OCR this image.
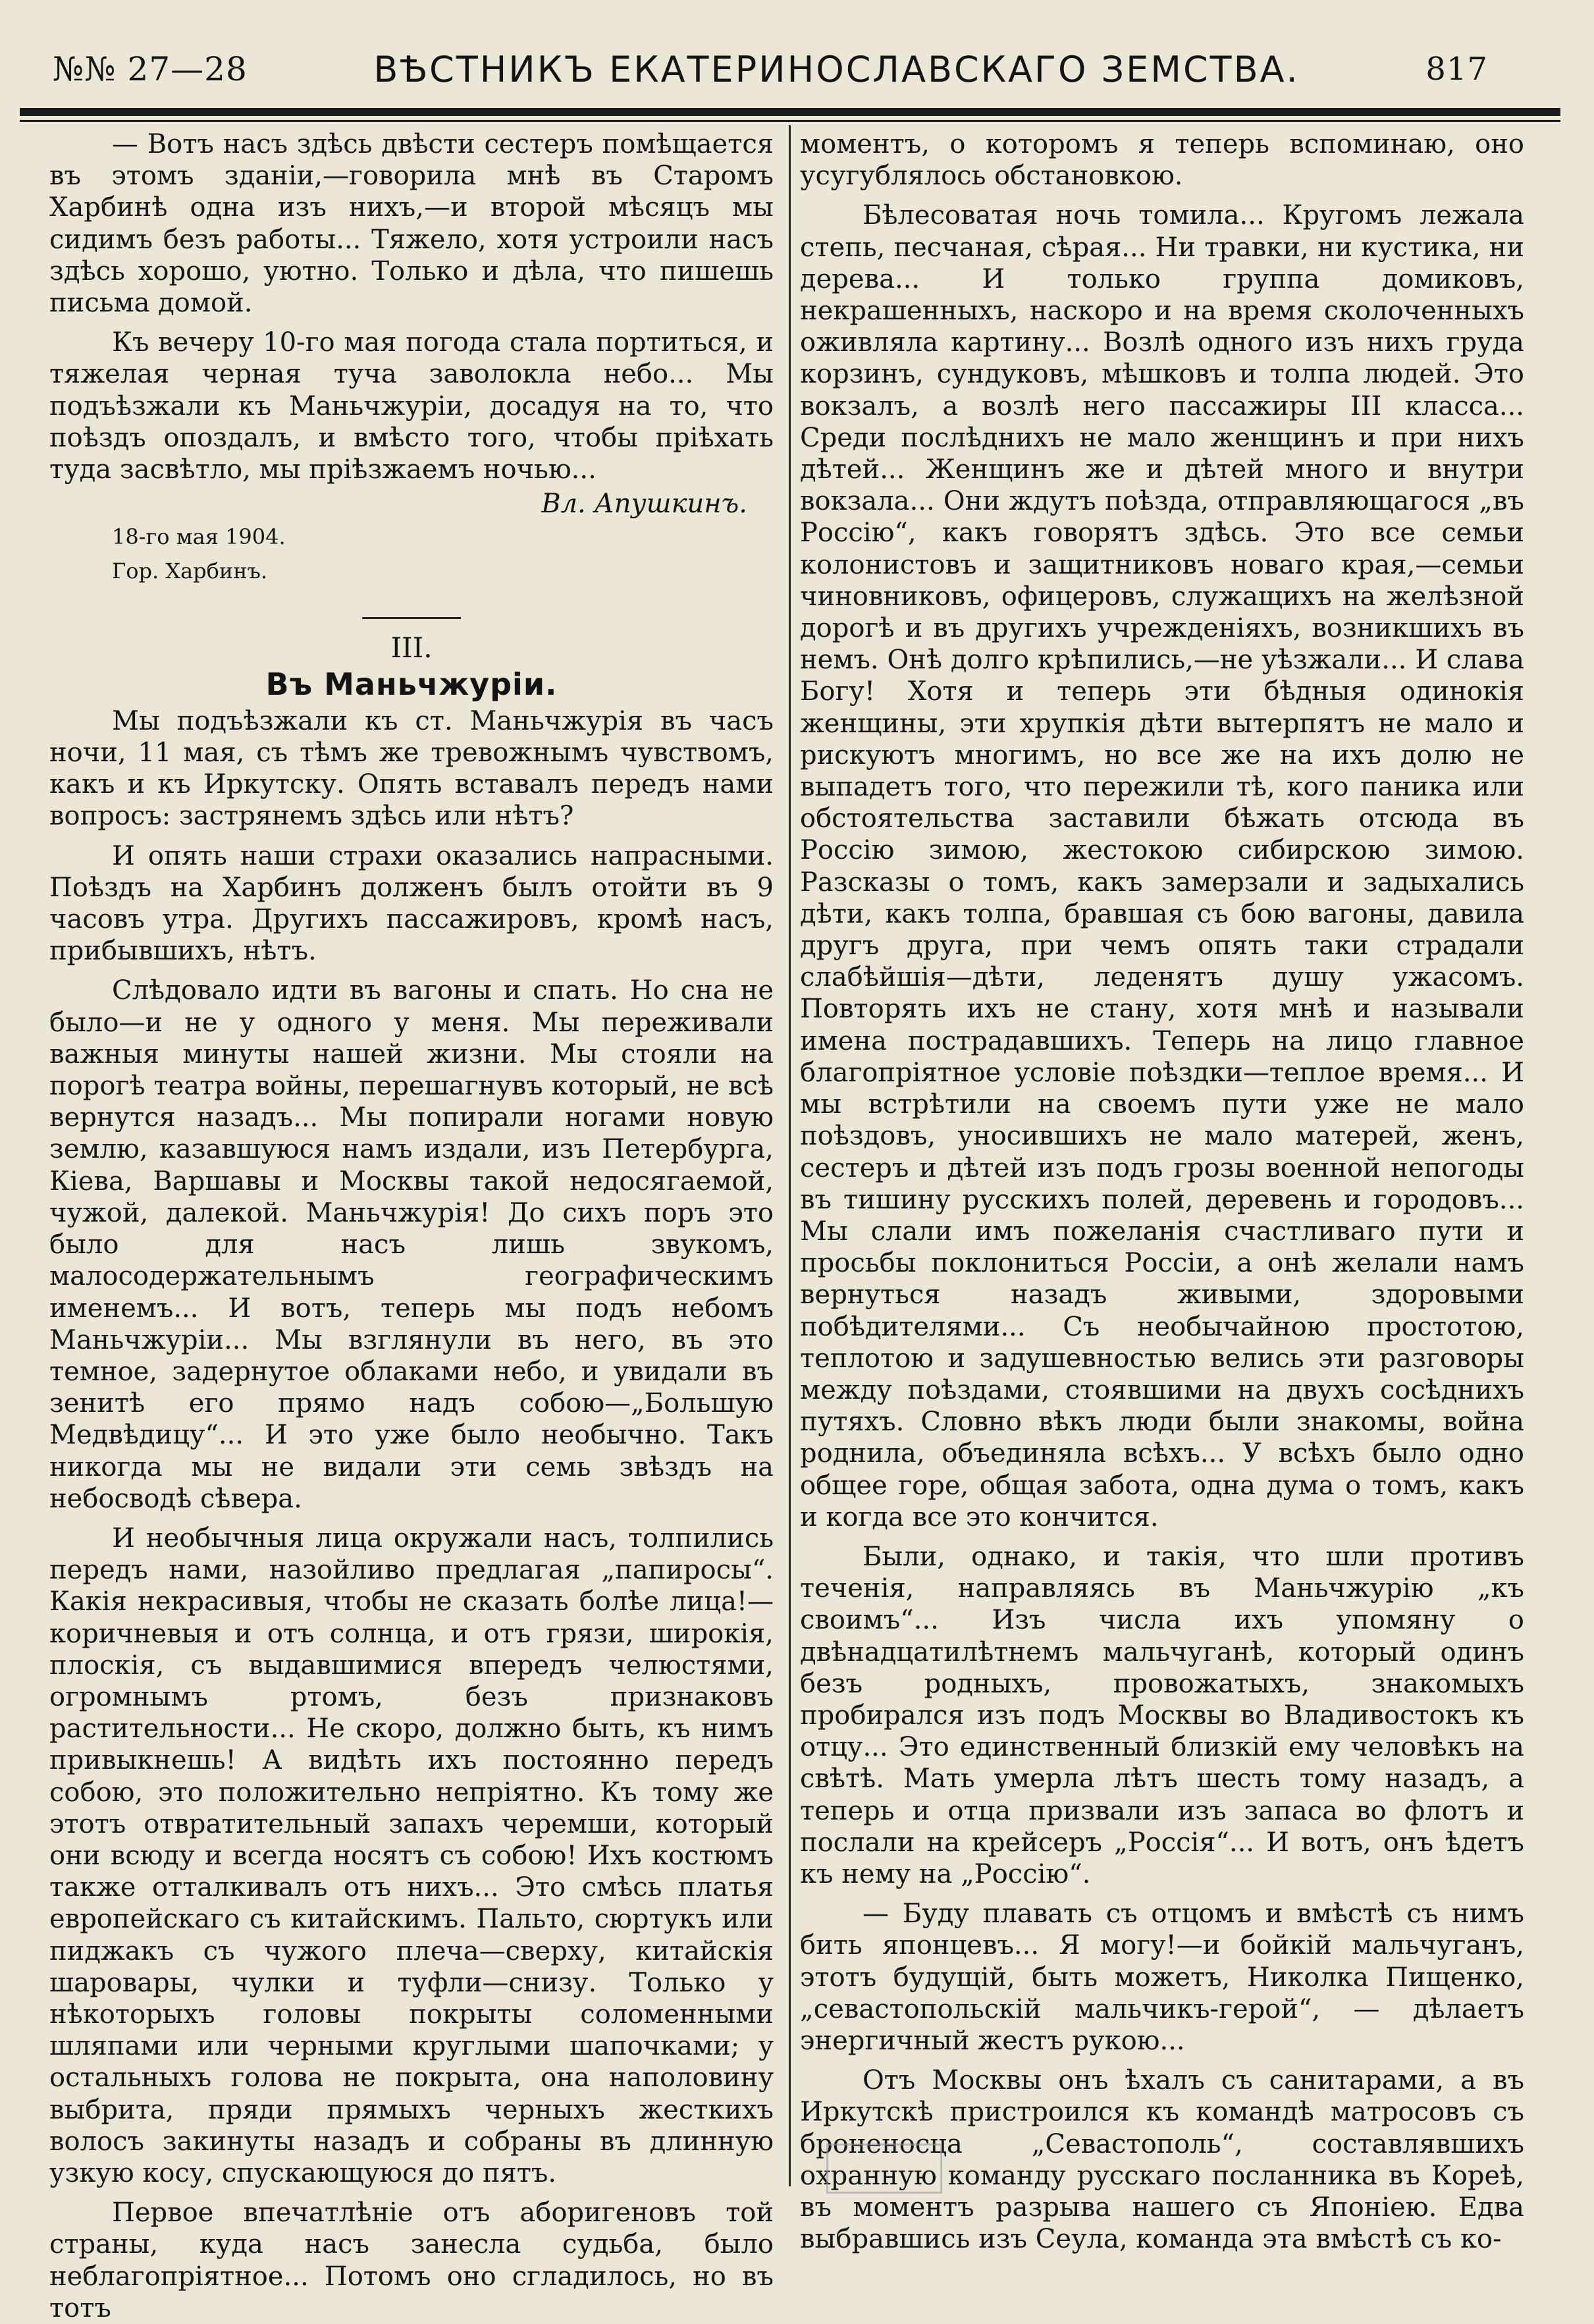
№№ 27—28	ВѢСТНИКЪ ЕКАТЕРИНОСЛАВСКАГО ЗЕМСТВА.	817

— Вотъ насъ здѣсь двѣсти сестеръ помѣщается въ этомъ зданіи,—говорила мнѣ въ Старомъ Харбинѣ одна изъ нихъ,—и второй мѣсяцъ мы сидимъ безъ работы... Тяжело, хотя устроили насъ здѣсь хорошо, уютно. Только и дѣла, что пишешь письма домой.

Къ вечеру 10-го мая погода стала портиться, и тяжелая черная туча заволокла небо... Мы подъѣзжали къ Маньчжуріи, досадуя на то, что поѣздъ опоздалъ, и вмѣсто того, чтобы пріѣхать туда засвѣтло, мы пріѣзжаемъ ночью...

Вл. Апушкинъ.

18-го мая 1904.

Гор. Харбинъ.

III.
Въ Маньчжуріи.

Мы подъѣзжали къ ст. Маньчжурія въ часъ ночи, 11 мая, съ тѣмъ же тревожнымъ чувствомъ, какъ и къ Иркутску. Опять вставалъ передъ нами вопросъ: застрянемъ здѣсь или нѣтъ?

И опять наши страхи оказались напрасными. Поѣздъ на Харбинъ долженъ былъ отойти въ 9 часовъ утра. Другихъ пассажировъ, кромѣ насъ, прибывшихъ, нѣтъ.

Слѣдовало идти въ вагоны и спать. Но сна не было—и не у одного у меня. Мы переживали важныя минуты нашей жизни. Мы стояли на порогѣ театра войны, перешагнувъ который, не всѣ вернутся назадъ... Мы попирали ногами новую землю, казавшуюся намъ издали, изъ Петербурга, Кіева, Варшавы и Москвы такой недосягаемой, чужой, далекой. Маньчжурія! До сихъ поръ это было для насъ лишь звукомъ, малосодержательнымъ географическимъ именемъ... И вотъ, теперь мы подъ небомъ Маньчжуріи... Мы взглянули въ него, въ это темное, задернутое облаками небо, и увидали въ зенитѣ его прямо надъ собою—„Большую Медвѣдицу“... И это уже было необычно. Такъ никогда мы не видали эти семь звѣздъ на небосводѣ сѣвера.

И необычныя лица окружали насъ, толпились передъ нами, назойливо предлагая „папиросы“. Какія некрасивыя, чтобы не сказать болѣе лица!—коричневыя и отъ солнца, и отъ грязи, широкія, плоскія, съ выдавшимися впередъ челюстями, огромнымъ ртомъ, безъ признаковъ растительности... Не скоро, должно быть, къ нимъ привыкнешь! А видѣть ихъ постоянно передъ собою, это положительно непріятно. Къ тому же этотъ отвратительный запахъ черемши, который они всюду и всегда носятъ съ собою! Ихъ костюмъ также отталкивалъ отъ нихъ... Это смѣсь платья европейскаго съ китайскимъ. Пальто, сюртукъ или пиджакъ съ чужого плеча—сверху, китайскія шаровары, чулки и туфли—снизу. Только у нѣкоторыхъ головы покрыты соломенными шляпами или черными круглыми шапочками; у остальныхъ голова не покрыта, она наполовину выбрита, пряди прямыхъ черныхъ жесткихъ волосъ закинуты назадъ и собраны въ длинную узкую косу, спускающуюся до пятъ.

Первое впечатлѣніе отъ аборигеновъ той страны, куда насъ занесла судьба, было неблагопріятное... Потомъ оно сгладилось, но въ тотъ

моментъ, о которомъ я теперь вспоминаю, оно усугублялось обстановкою.

Бѣлесоватая ночь томила... Кругомъ лежала степь, песчаная, сѣрая... Ни травки, ни кустика, ни дерева... И только группа домиковъ, некрашенныхъ, наскоро и на время сколоченныхъ оживляла картину... Возлѣ одного изъ нихъ груда корзинъ, сундуковъ, мѣшковъ и толпа людей. Это вокзалъ, а возлѣ него пассажиры III класса... Среди послѣднихъ не мало женщинъ и при нихъ дѣтей... Женщинъ же и дѣтей много и внутри вокзала... Они ждутъ поѣзда, отправляющагося „въ Россію“, какъ говорятъ здѣсь. Это все семьи колонистовъ и защитниковъ новаго края,—семьи чиновниковъ, офицеровъ, служащихъ на желѣзной дорогѣ и въ другихъ учрежденіяхъ, возникшихъ въ немъ. Онѣ долго крѣпились,—не уѣзжали... И слава Богу! Хотя и теперь эти бѣдныя одинокія женщины, эти хрупкія дѣти вытерпятъ не мало и рискуютъ многимъ, но все же на ихъ долю не выпадетъ того, что пережили тѣ, кого паника или обстоятельства заставили бѣжать отсюда въ Россію зимою, жестокою сибирскою зимою. Разсказы о томъ, какъ замерзали и задыхались дѣти, какъ толпа, бравшая съ бою вагоны, давила другъ друга, при чемъ опять таки страдали слабѣйшія—дѣти, леденятъ душу ужасомъ. Повторять ихъ не стану, хотя мнѣ и называли имена пострадавшихъ. Теперь на лицо главное благопріятное условіе поѣздки—теплое время... И мы встрѣтили на своемъ пути уже не мало поѣздовъ, уносившихъ не мало матерей, женъ, сестеръ и дѣтей изъ подъ грозы военной непогоды въ тишину русскихъ полей, деревень и городовъ... Мы слали имъ пожеланія счастливаго пути и просьбы поклониться Россіи, а онѣ желали намъ вернуться назадъ живыми, здоровыми побѣдителями... Съ необычайною простотою, теплотою и задушевностью велись эти разговоры между поѣздами, стоявшими на двухъ сосѣднихъ путяхъ. Словно вѣкъ люди были знакомы, война роднила, объединяла всѣхъ... У всѣхъ было одно общее горе, общая забота, одна дума о томъ, какъ и когда все это кончится.

Были, однако, и такія, что шли противъ теченія, направляясь въ Маньчжурію „къ своимъ“... Изъ числа ихъ упомяну о двѣнадцатилѣтнемъ мальчуганѣ, который одинъ безъ родныхъ, провожатыхъ, знакомыхъ пробирался изъ подъ Москвы во Владивостокъ къ отцу... Это единственный близкій ему человѣкъ на свѣтѣ. Мать умерла лѣтъ шесть тому назадъ, а теперь и отца призвали изъ запаса во флотъ и послали на крейсеръ „Россія“... И вотъ, онъ ѣдетъ къ нему на „Россію“.

— Буду плавать съ отцомъ и вмѣстѣ съ нимъ бить японцевъ... Я могу!—и бойкій мальчуганъ, этотъ будущій, быть можетъ, Николка Пищенко, „севастопольскій мальчикъ-герой“, — дѣлаетъ энергичный жестъ рукою...

Отъ Москвы онъ ѣхалъ съ санитарами, а въ Иркутскѣ пристроился къ командѣ матросовъ съ броненосца „Севастополь“, составлявшихъ охранную команду русскаго посланника въ Кореѣ, въ моментъ разрыва нашего съ Японіею. Едва выбравшись изъ Сеула, команда эта вмѣстѣ съ ко-
